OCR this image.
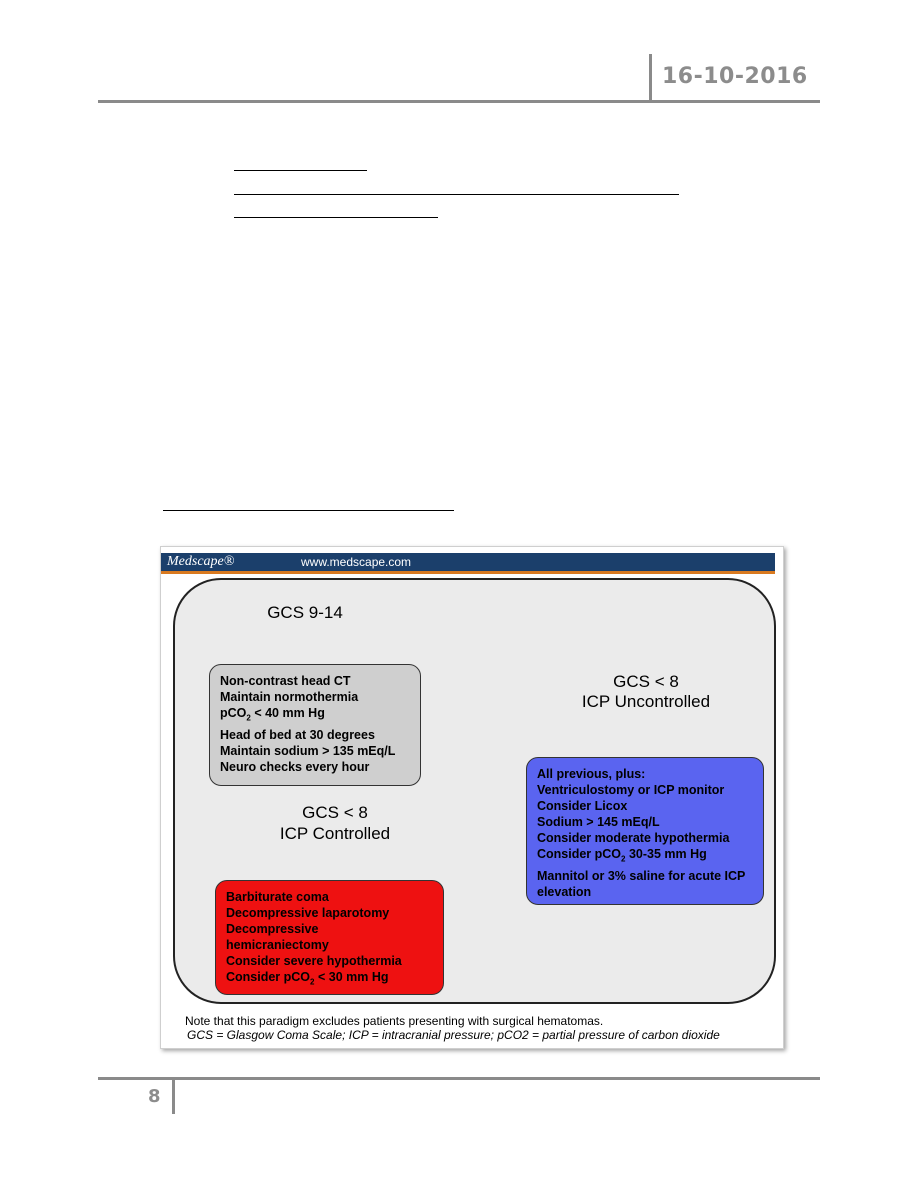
16-10-2016
Medscape®	www.medscape.com
GCS 9-14
Non-contrast head CT
Maintain normothermia
pCO$_2$ < 40 mm Hg
Head of bed at 30 degrees
Maintain sodium > 135 mEq/L
Neuro checks every hour
GCS < 8
ICP Uncontrolled
All previous, plus:
Ventriculostomy or ICP monitor
Consider Licox
Sodium > 145 mEq/L
Consider moderate hypothermia
Consider pCO$_2$ 30-35 mm Hg
Mannitol or 3% saline for acute ICP elevation
GCS < 8
ICP Controlled
Barbiturate coma
Decompressive laparotomy
Decompressive hemicraniectomy
Consider severe hypothermia
Consider pCO$_2$ < 30 mm Hg
Note that this paradigm excludes patients presenting with surgical hematomas.
GCS = Glasgow Coma Scale; ICP = intracranial pressure; pCO2 = partial pressure of carbon dioxide
8
